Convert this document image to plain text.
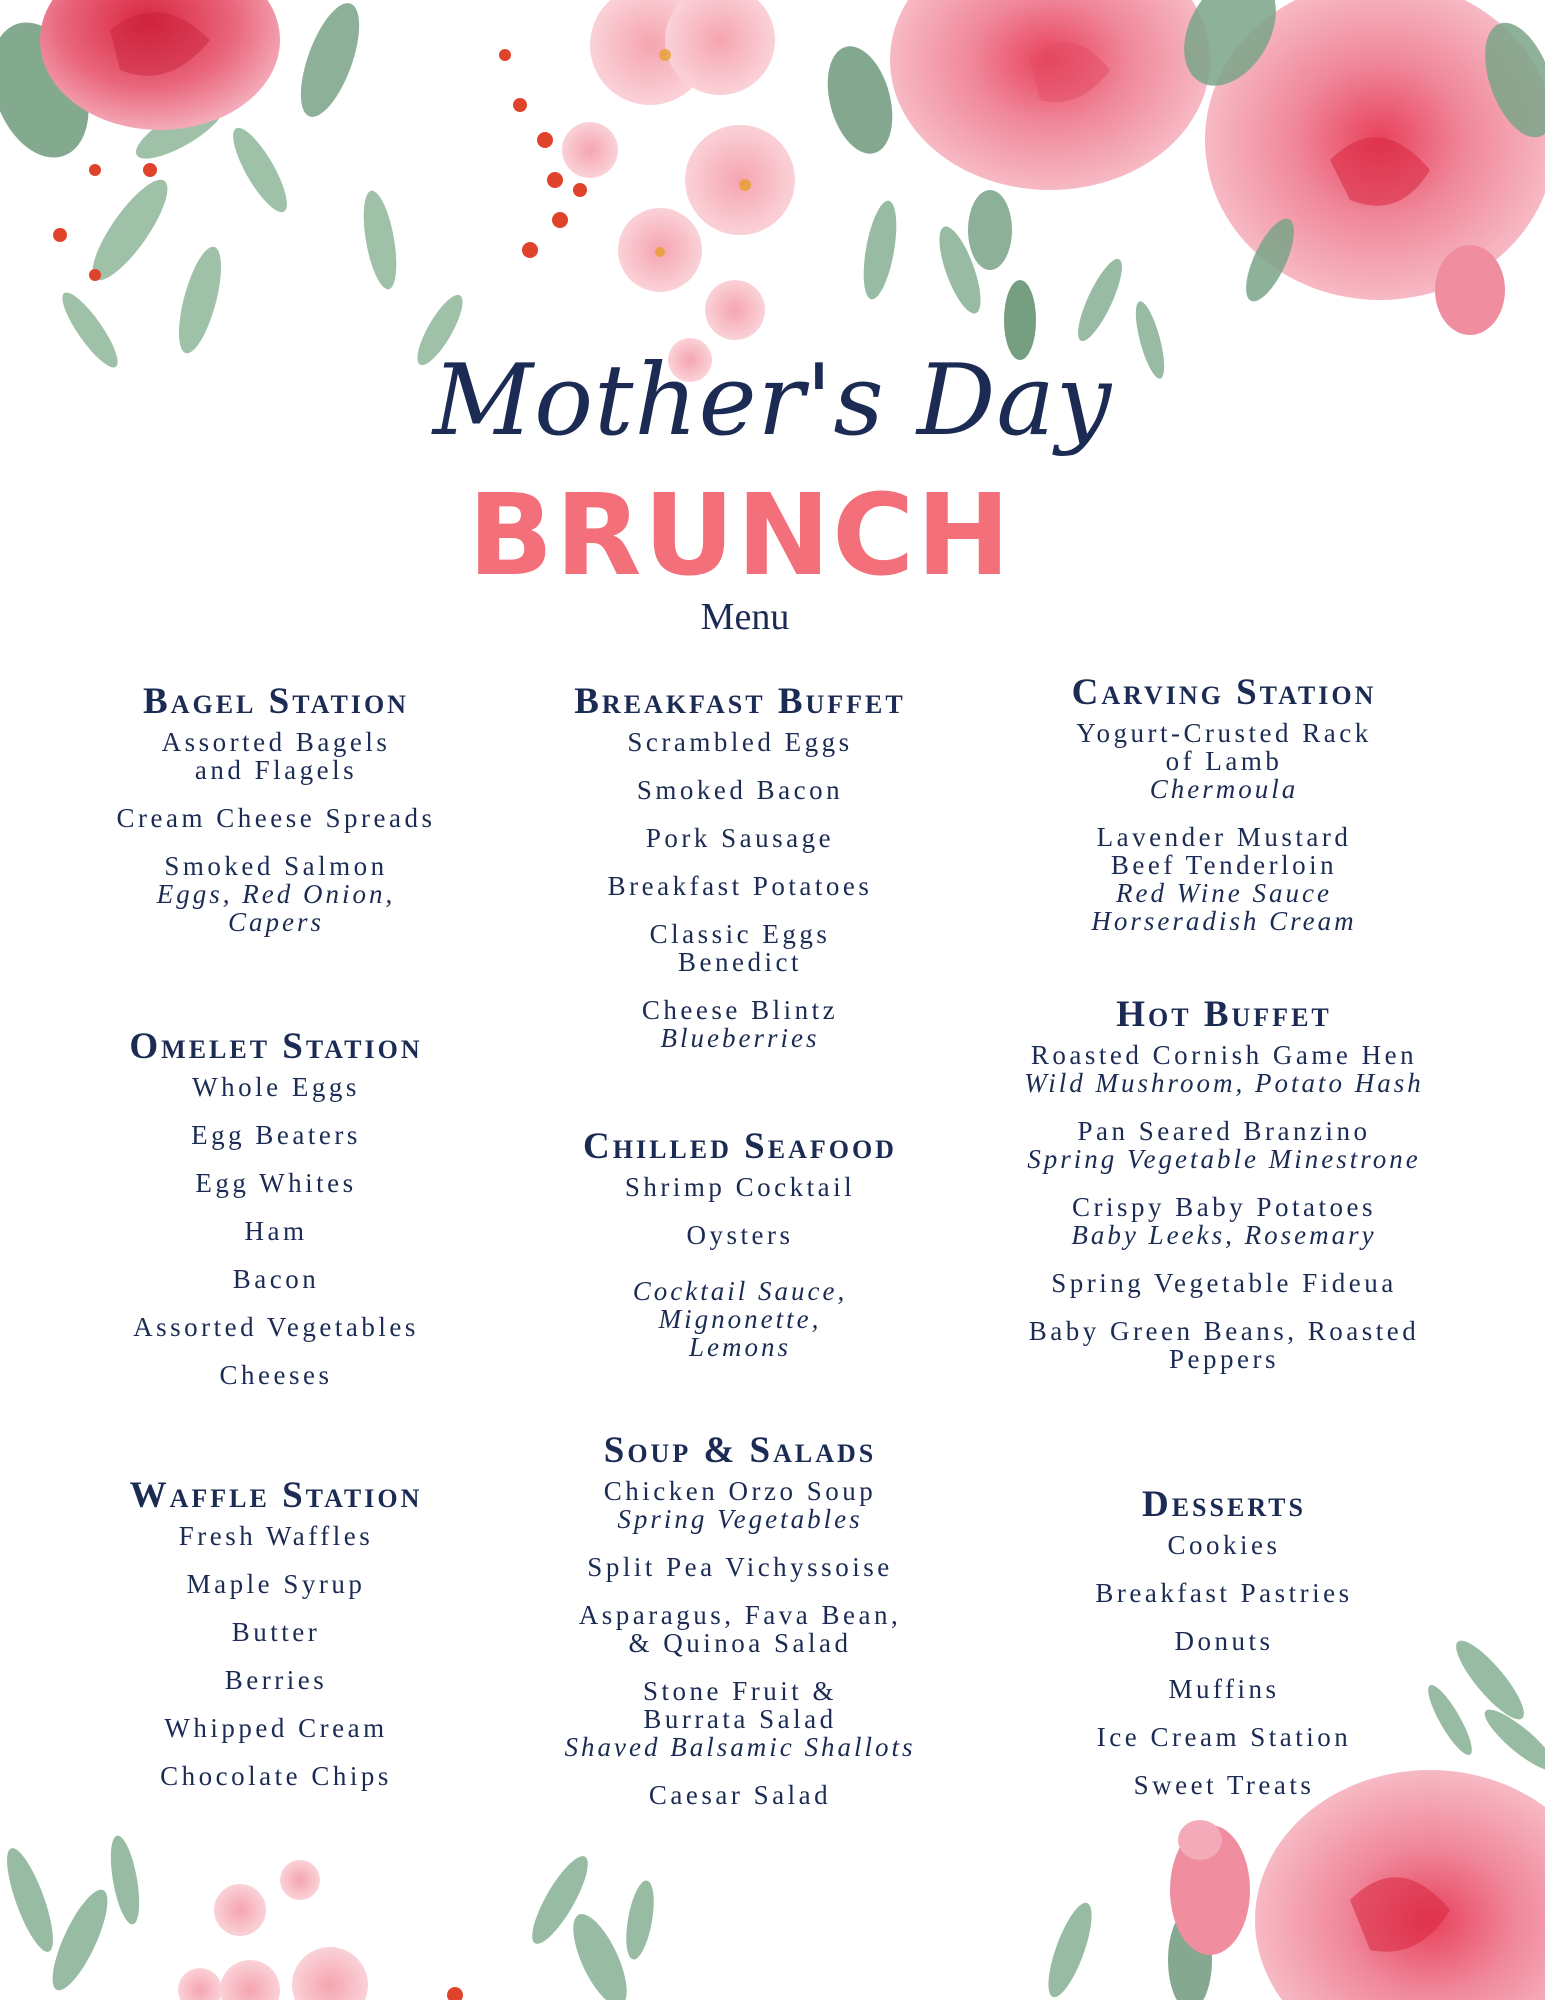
Mother's Day
BRUNCH
Menu
Bagel Station
Assorted Bagels
and Flagels
Cream Cheese Spreads
Smoked Salmon
Eggs, Red Onion,
Capers
Omelet Station
Whole Eggs
Egg Beaters
Egg Whites
Ham
Bacon
Assorted Vegetables
Cheeses
Waffle Station
Fresh Waffles
Maple Syrup
Butter
Berries
Whipped Cream
Chocolate Chips
Breakfast Buffet
Scrambled Eggs
Smoked Bacon
Pork Sausage
Breakfast Potatoes
Classic Eggs
Benedict
Cheese Blintz
Blueberries
Chilled Seafood
Shrimp Cocktail
Oysters
Cocktail Sauce,
Mignonette,
Lemons
Soup & Salads
Chicken Orzo Soup
Spring Vegetables
Split Pea Vichyssoise
Asparagus, Fava Bean,
& Quinoa Salad
Stone Fruit &
Burrata Salad
Shaved Balsamic Shallots
Caesar Salad
Carving Station
Yogurt-Crusted Rack
of Lamb
Chermoula
Lavender Mustard
Beef Tenderloin
Red Wine Sauce
Horseradish Cream
Hot Buffet
Roasted Cornish Game Hen
Wild Mushroom, Potato Hash
Pan Seared Branzino
Spring Vegetable Minestrone
Crispy Baby Potatoes
Baby Leeks, Rosemary
Spring Vegetable Fideua
Baby Green Beans, Roasted
Peppers
Desserts
Cookies
Breakfast Pastries
Donuts
Muffins
Ice Cream Station
Sweet Treats
